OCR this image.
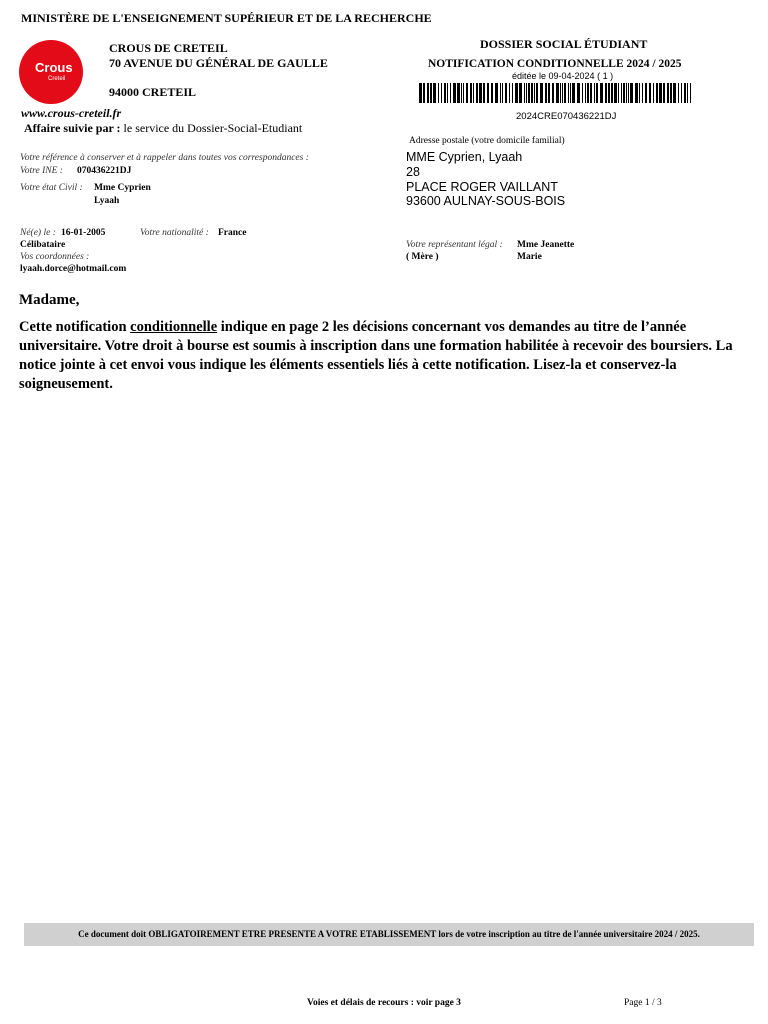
MINISTÈRE DE L'ENSEIGNEMENT SUPÉRIEUR ET DE LA RECHERCHE
Crous
Creteil
CROUS DE CRETEIL
70 AVENUE DU GÉNÉRAL DE GAULLE
94000 CRETEIL
www.crous-creteil.fr
Affaire suivie par : le service du Dossier-Social-Etudiant
DOSSIER SOCIAL ÉTUDIANT
NOTIFICATION CONDITIONNELLE 2024 / 2025
éditée le 09-04-2024 ( 1 )
2024CRE070436221DJ
Votre référence à conserver et à rappeler dans toutes vos correspondances :
Votre INE : 070436221DJ
Votre état Civil : Mme Cyprien
Lyaah
Né(e) le : 16-01-2005	Votre nationalité : France
Célibataire
Vos coordonnées :
lyaah.dorce@hotmail.com
Adresse postale (votre domicile familial)
MME Cyprien, Lyaah
28
PLACE ROGER VAILLANT
93600 AULNAY-SOUS-BOIS
Votre représentant légal :
( Mère )
Mme Jeanette
Marie
Madame,
Cette notification conditionnelle indique en page 2 les décisions concernant vos demandes au titre de l’année universitaire. Votre droit à bourse est soumis à inscription dans une formation habilitée à recevoir des boursiers. La notice jointe à cet envoi vous indique les éléments essentiels liés à cette notification. Lisez-la et conservez-la soigneusement.
Ce document doit OBLIGATOIREMENT ETRE PRESENTE A VOTRE ETABLISSEMENT lors de votre inscription au titre de l'année universitaire 2024 / 2025.
Voies et délais de recours : voir page 3	Page 1 / 3
